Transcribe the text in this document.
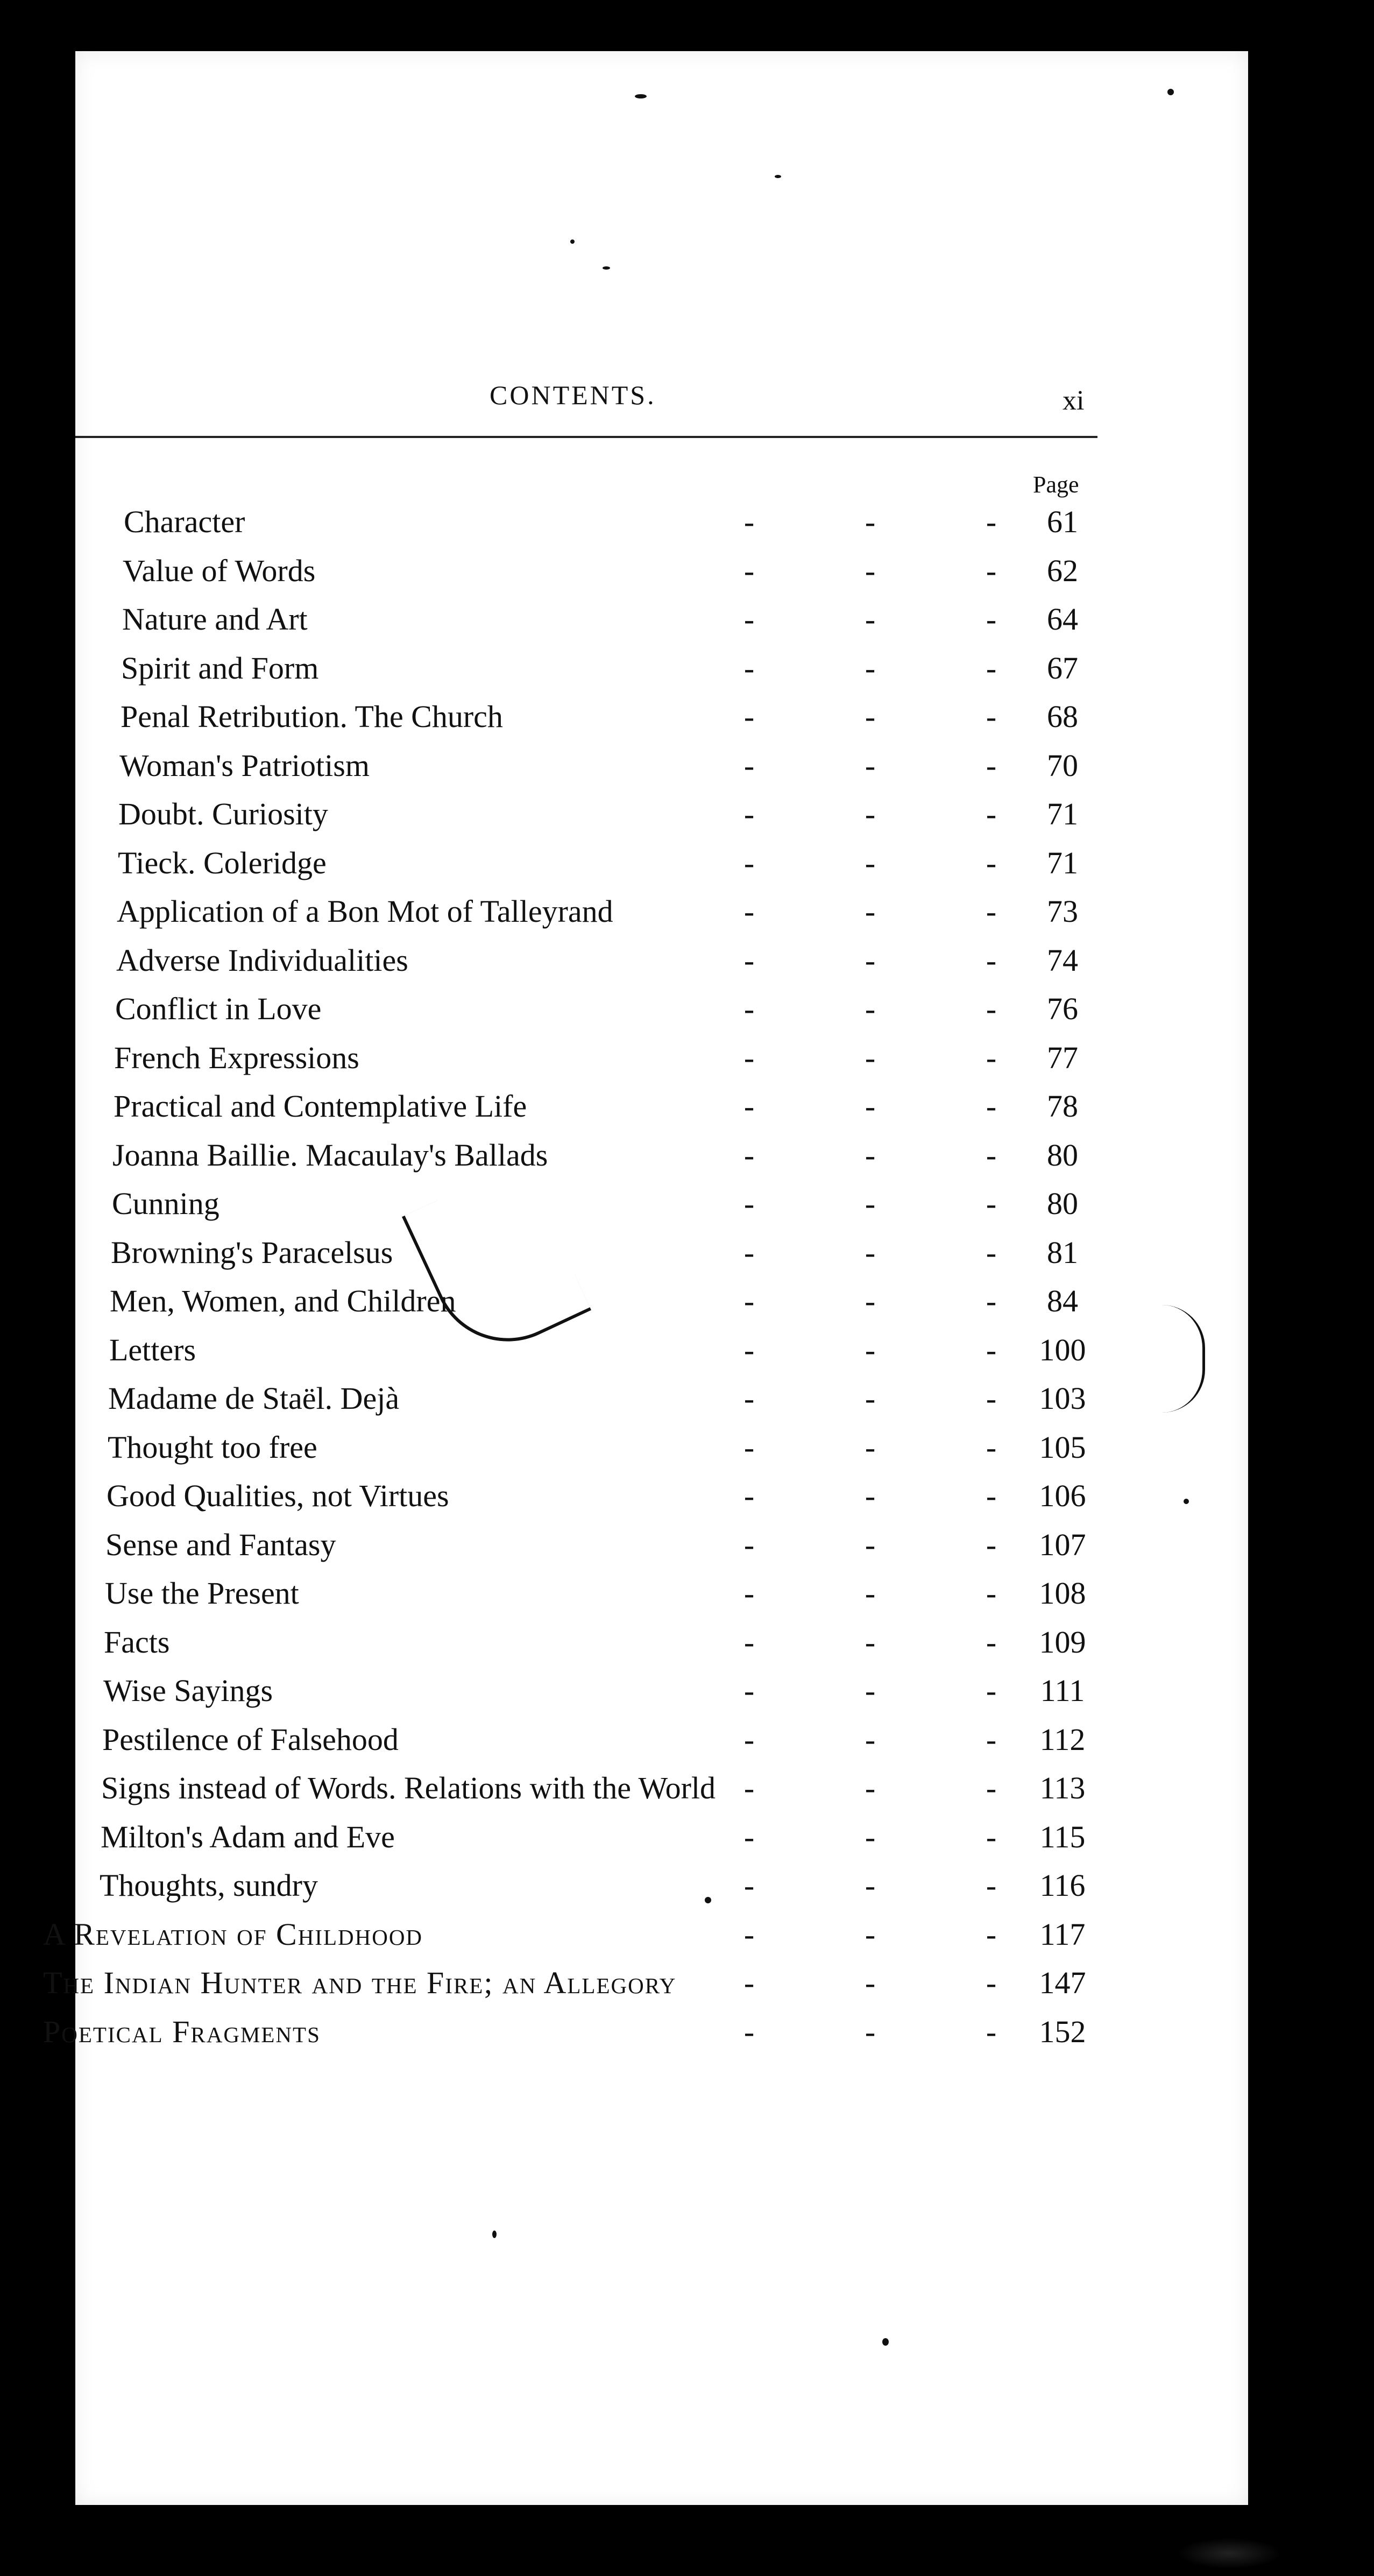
CONTENTS.	xi
Page
Character	-	-	-	61
Value of Words	-	-	-	62
Nature and Art	-	-	-	64
Spirit and Form	-	-	-	67
Penal Retribution. The Church	-	-	-	68
Woman's Patriotism	-	-	-	70
Doubt. Curiosity	-	-	-	71
Tieck. Coleridge	-	-	-	71
Application of a Bon Mot of Talleyrand	-	-	-	73
Adverse Individualities	-	-	-	74
Conflict in Love	-	-	-	76
French Expressions	-	-	-	77
Practical and Contemplative Life	-	-	-	78
Joanna Baillie. Macaulay's Ballads	-	-	-	80
Cunning	-	-	-	80
Browning's Paracelsus	-	-	-	81
Men, Women, and Children	-	-	-	84
Letters	-	-	-	100
Madame de Staël. Dejà	-	-	-	103
Thought too free	-	-	-	105
Good Qualities, not Virtues	-	-	-	106
Sense and Fantasy	-	-	-	107
Use the Present	-	-	-	108
Facts	-	-	-	109
Wise Sayings	-	-	-	111
Pestilence of Falsehood	-	-	-	112
Signs instead of Words. Relations with the World -	-	-	113
Milton's Adam and Eve	-	-	-	115
Thoughts, sundry	-	-	-	116
A Revelation of Childhood	-	-	-	117
The Indian Hunter and the Fire; an Allegory	-	-	-	147
Poetical Fragments	-	-	-	152
